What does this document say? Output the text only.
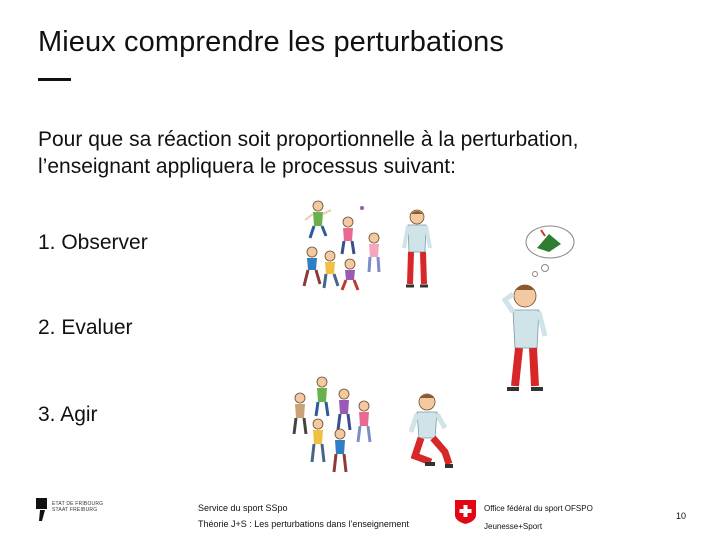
Mieux comprendre les perturbations
Pour que sa réaction soit proportionnelle à la perturbation, l’enseignant appliquera le processus suivant:
1. Observer
2. Evaluer
3. Agir
ETAT DE FRIBOURG
STAAT FREIBURG	Service du sport SSpo
Théorie J+S : Les perturbations dans l’enseignement
Office fédéral du sport OFSPO
Jeunesse+Sport
10
